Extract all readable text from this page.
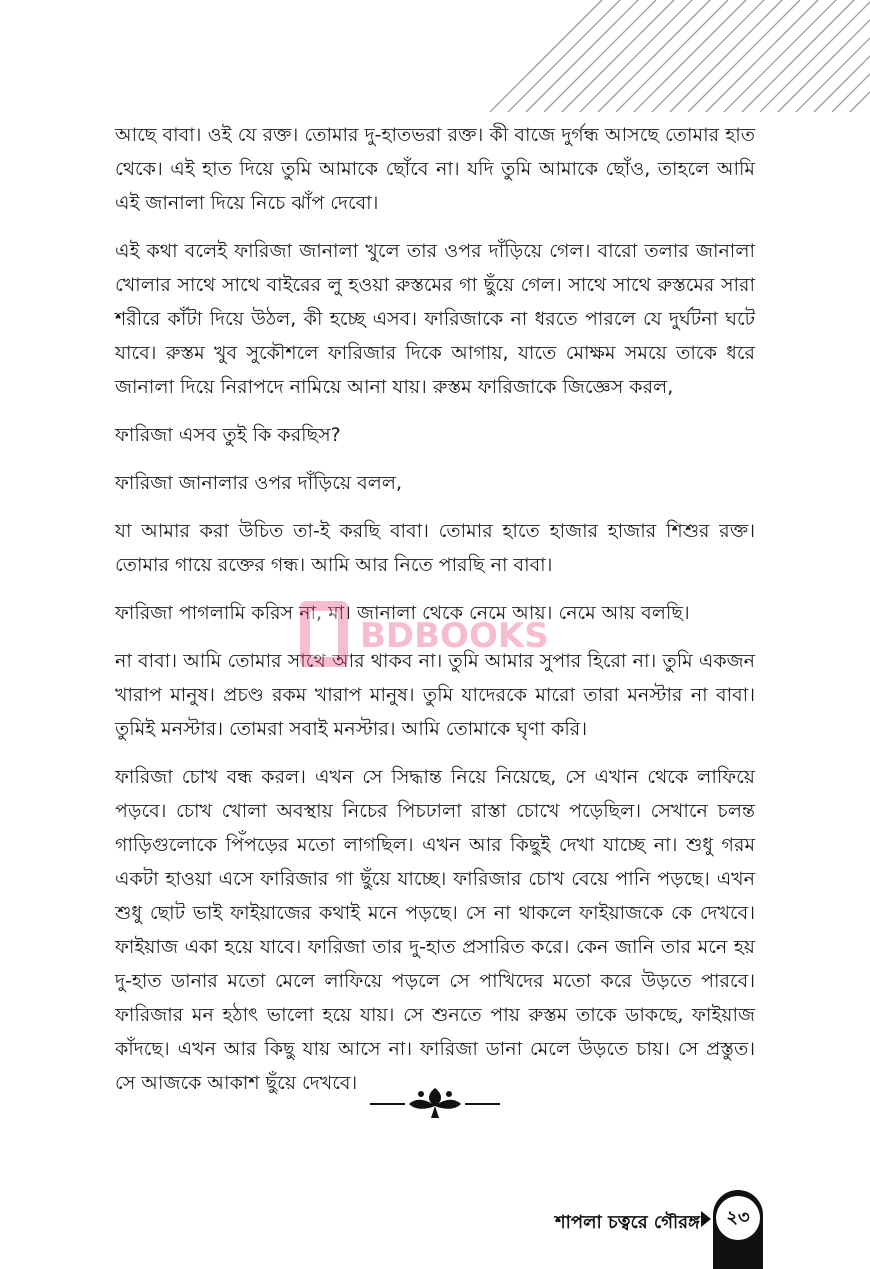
আছে বাবা। ওই যে রক্ত। তোমার দু-হাতভরা রক্ত। কী বাজে দুর্গন্ধ আসছে তোমার হাত থেকে। এই হাত দিয়ে তুমি আমাকে ছোঁবে না। যদি তুমি আমাকে ছোঁও, তাহলে আমি এই জানালা দিয়ে নিচে ঝাঁপ দেবো।

এই কথা বলেই ফারিজা জানালা খুলে তার ওপর দাঁড়িয়ে গেল। বারো তলার জানালা খোলার সাথে সাথে বাইরের লু হওয়া রুস্তমের গা ছুঁয়ে গেল। সাথে সাথে রুস্তমের সারা শরীরে কাঁটা দিয়ে উঠল, কী হচ্ছে এসব। ফারিজাকে না ধরতে পারলে যে দুর্ঘটনা ঘটে যাবে। রুস্তম খুব সুকৌশলে ফারিজার দিকে আগায়, যাতে মোক্ষম সময়ে তাকে ধরে জানালা দিয়ে নিরাপদে নামিয়ে আনা যায়। রুস্তম ফারিজাকে জিজ্ঞেস করল,

ফারিজা এসব তুই কি করছিস?

ফারিজা জানালার ওপর দাঁড়িয়ে বলল,

যা আমার করা উচিত তা-ই করছি বাবা। তোমার হাতে হাজার হাজার শিশুর রক্ত। তোমার গায়ে রক্তের গন্ধ। আমি আর নিতে পারছি না বাবা।

ফারিজা পাগলামি করিস না, মা। জানালা থেকে নেমে আয়। নেমে আয় বলছি।

না বাবা। আমি তোমার সাথে আর থাকব না। তুমি আমার সুপার হিরো না। তুমি একজন খারাপ মানুষ। প্রচণ্ড রকম খারাপ মানুষ। তুমি যাদেরকে মারো তারা মনস্টার না বাবা। তুমিই মনস্টার। তোমরা সবাই মনস্টার। আমি তোমাকে ঘৃণা করি।

ফারিজা চোখ বন্ধ করল। এখন সে সিদ্ধান্ত নিয়ে নিয়েছে, সে এখান থেকে লাফিয়ে পড়বে। চোখ খোলা অবস্থায় নিচের পিচঢালা রাস্তা চোখে পড়েছিল। সেখানে চলন্ত গাড়িগুলোকে পিঁপড়ের মতো লাগছিল। এখন আর কিছুই দেখা যাচ্ছে না। শুধু গরম একটা হাওয়া এসে ফারিজার গা ছুঁয়ে যাচ্ছে। ফারিজার চোখ বেয়ে পানি পড়ছে। এখন শুধু ছোট ভাই ফাইয়াজের কথাই মনে পড়ছে। সে না থাকলে ফাইয়াজকে কে দেখবে। ফাইয়াজ একা হয়ে যাবে। ফারিজা তার দু-হাত প্রসারিত করে। কেন জানি তার মনে হয় দু-হাত ডানার মতো মেলে লাফিয়ে পড়লে সে পাখিদের মতো করে উড়তে পারবে। ফারিজার মন হঠাৎ ভালো হয়ে যায়। সে শুনতে পায় রুস্তম তাকে ডাকছে, ফাইয়াজ কাঁদছে। এখন আর কিছু যায় আসে না। ফারিজা ডানা মেলে উড়তে চায়। সে প্রস্তুত। সে আজকে আকাশ ছুঁয়ে দেখবে।

BDBOOKS
শাপলা চত্বরে গৌরঙ্গ	২৩
